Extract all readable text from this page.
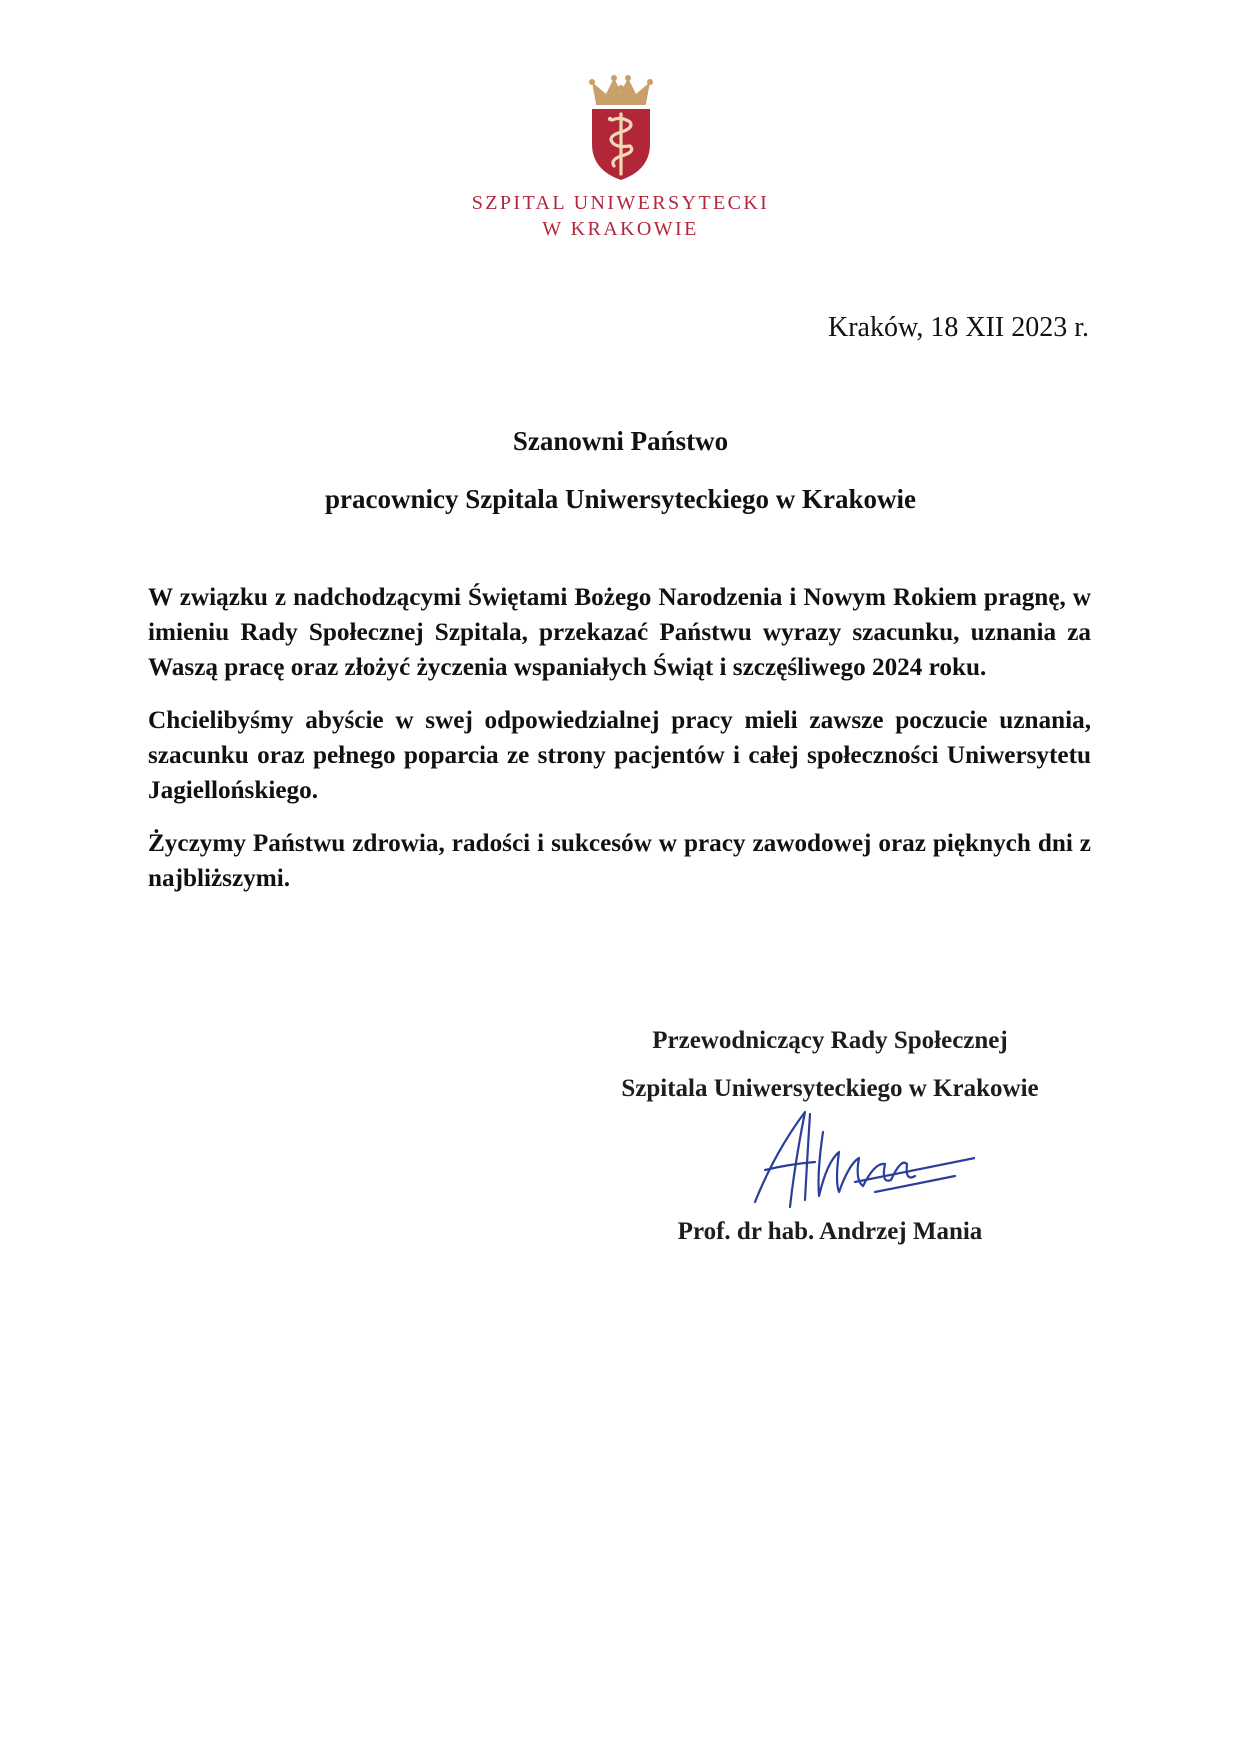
SZPITAL UNIWERSYTECKI
W KRAKOWIE
Kraków, 18 XII 2023 r.
Szanowni Państwo
pracownicy Szpitala Uniwersyteckiego w Krakowie

W związku z nadchodzącymi Świętami Bożego Narodzenia i Nowym Rokiem pragnę, w imieniu Rady Społecznej Szpitala, przekazać Państwu wyrazy szacunku, uznania za Waszą pracę oraz złożyć życzenia wspaniałych Świąt i szczęśliwego 2024 roku.

Chcielibyśmy abyście w swej odpowiedzialnej pracy mieli zawsze poczucie uznania, szacunku oraz pełnego poparcia ze strony pacjentów i całej społeczności Uniwersytetu Jagiellońskiego.

Życzymy Państwu zdrowia, radości i sukcesów w pracy zawodowej oraz pięknych dni z najbliższymi.

Przewodniczący Rady Społecznej
Szpitala Uniwersyteckiego w Krakowie
Prof. dr hab. Andrzej Mania
